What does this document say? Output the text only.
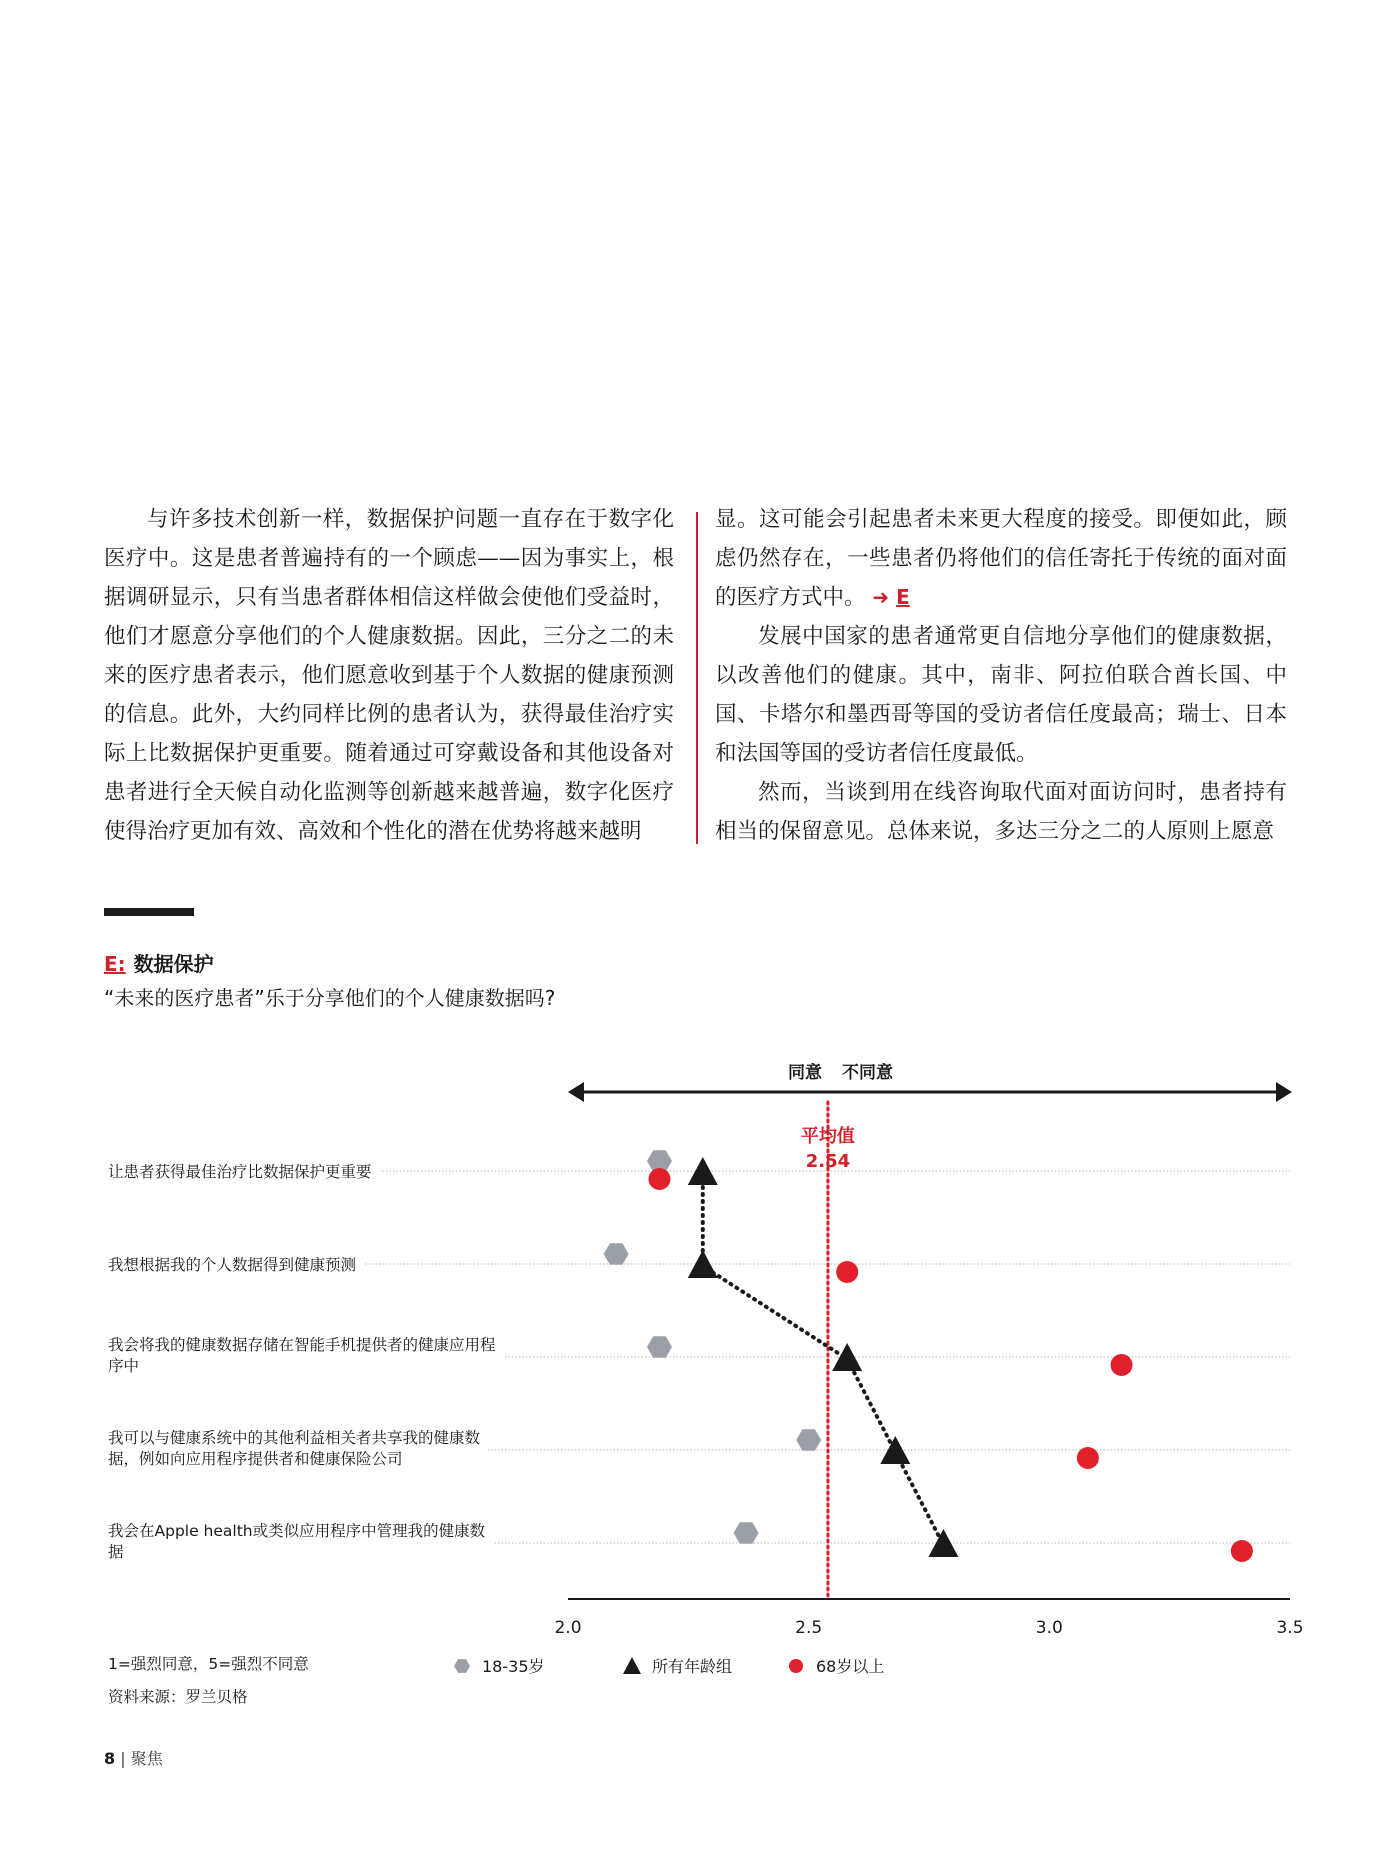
与许多技术创新一样，数据保护问题一直存在于数字化医疗中。这是患者普遍持有的一个顾虑——因为事实上，根据调研显示，只有当患者群体相信这样做会使他们受益时，他们才愿意分享他们的个人健康数据。因此，三分之二的未来的医疗患者表示，他们愿意收到基于个人数据的健康预测的信息。此外，大约同样比例的患者认为，获得最佳治疗实际上比数据保护更重要。随着通过可穿戴设备和其他设备对患者进行全天候自动化监测等创新越来越普遍，数字化医疗使得治疗更加有效、高效和个性化的潜在优势将越来越明

显。这可能会引起患者未来更大程度的接受。即便如此，顾虑仍然存在，一些患者仍将他们的信任寄托于传统的面对面的医疗方式中。 ➜ E

发展中国家的患者通常更自信地分享他们的健康数据，以改善他们的健康。其中，南非、阿拉伯联合酋长国、中国、卡塔尔和墨西哥等国的受访者信任度最高；瑞士、日本和法国等国的受访者信任度最低。

然而，当谈到用在线咨询取代面对面访问时，患者持有相当的保留意见。总体来说，多达三分之二的人原则上愿意

E: 数据保护
“未来的医疗患者”乐于分享他们的个人健康数据吗?
同意 不同意
2.0	2.5	3.0	3.5
平均值
2.54
18-35岁	所有年龄组	68岁以上
让患者获得最佳治疗比数据保护更重要
我想根据我的个人数据得到健康预测
我会将我的健康数据存储在智能手机提供者的健康应用程
序中
我可以与健康系统中的其他利益相关者共享我的健康数
据，例如向应用程序提供者和健康保险公司
我会在Apple health或类似应用程序中管理我的健康数
据
1=强烈同意，5=强烈不同意
资料来源：罗兰贝格
8 | 聚焦
